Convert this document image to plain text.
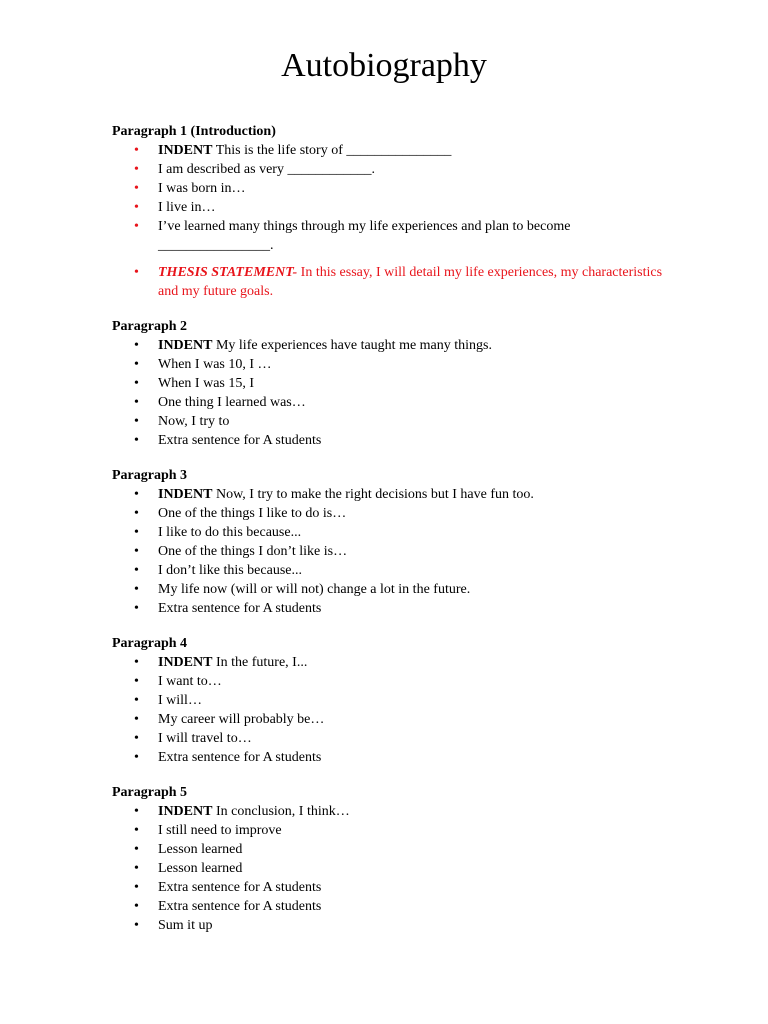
Autobiography
Paragraph 1 (Introduction)
• INDENT This is the life story of _______________
• I am described as very ____________.
• I was born in…
• I live in…
• I’ve learned many things through my life experiences and plan to become ________________.
• THESIS STATEMENT- In this essay, I will detail my life experiences, my characteristics and my future goals.
Paragraph 2
• INDENT My life experiences have taught me many things.
• When I was 10, I …
• When I was 15, I
• One thing I learned was…
• Now, I try to
• Extra sentence for A students
Paragraph 3
• INDENT Now, I try to make the right decisions but I have fun too.
• One of the things I like to do is…
• I like to do this because...
• One of the things I don’t like is…
• I don’t like this because...
• My life now (will or will not) change a lot in the future.
• Extra sentence for A students
Paragraph 4
• INDENT In the future, I...
• I want to…
• I will…
• My career will probably be…
• I will travel to…
• Extra sentence for A students
Paragraph 5
• INDENT In conclusion, I think…
• I still need to improve
• Lesson learned
• Lesson learned
• Extra sentence for A students
• Extra sentence for A students
• Sum it up
